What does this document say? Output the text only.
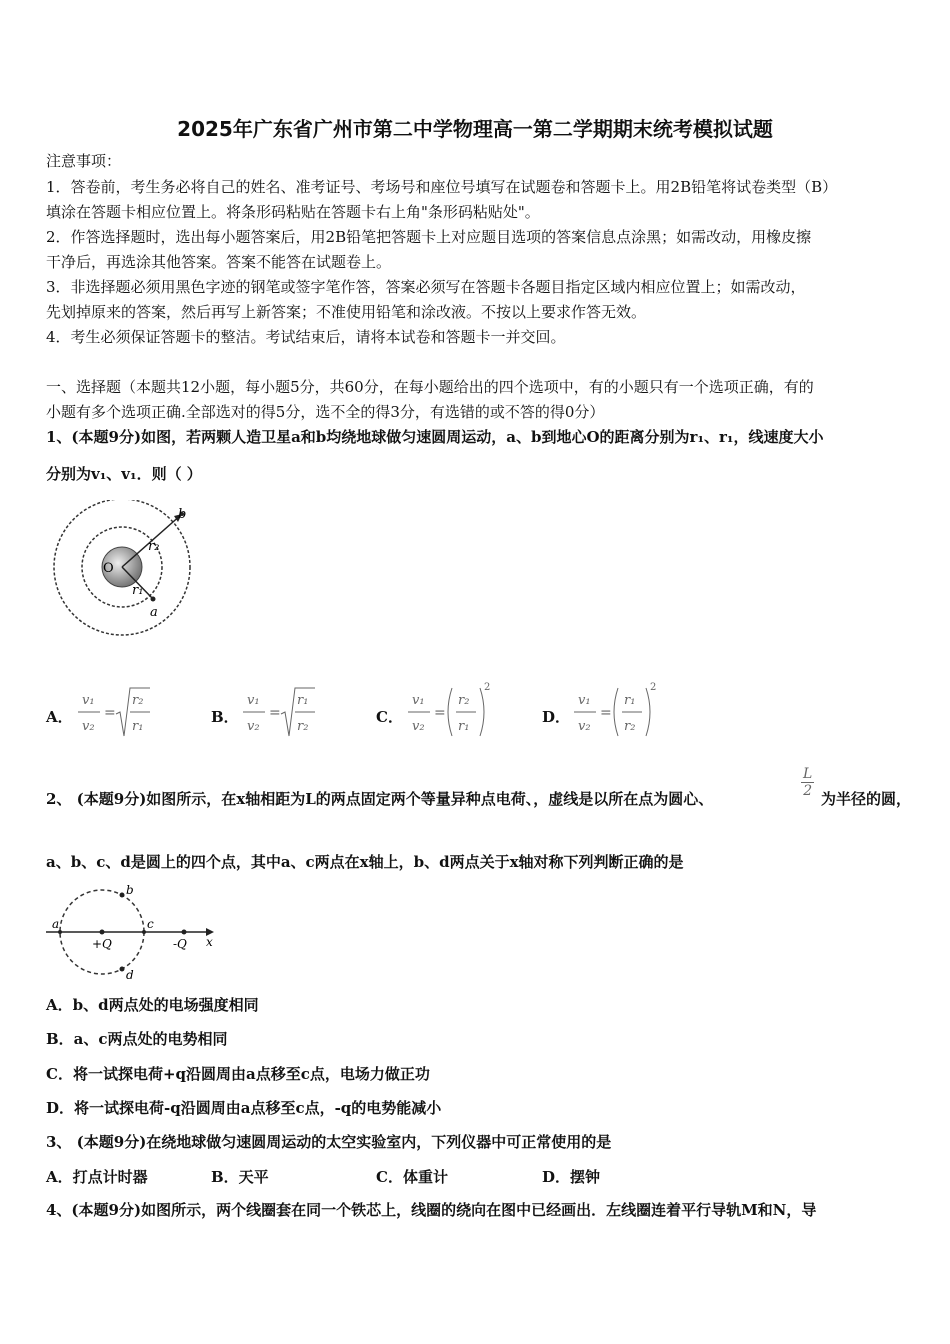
2025年广东省广州市第二中学物理高一第二学期期末统考模拟试题
注意事项：
1．答卷前，考生务必将自己的姓名、准考证号、考场号和座位号填写在试题卷和答题卡上。用2B铅笔将试卷类型（B）
填涂在答题卡相应位置上。将条形码粘贴在答题卡右上角"条形码粘贴处"。
2．作答选择题时，选出每小题答案后，用2B铅笔把答题卡上对应题目选项的答案信息点涂黑；如需改动，用橡皮擦
干净后，再选涂其他答案。答案不能答在试题卷上。
3．非选择题必须用黑色字迹的钢笔或签字笔作答，答案必须写在答题卡各题目指定区域内相应位置上；如需改动，
先划掉原来的答案，然后再写上新答案；不准使用铅笔和涂改液。不按以上要求作答无效。
4．考生必须保证答题卡的整洁。考试结束后，请将本试卷和答题卡一并交回。
一、选择题（本题共12小题，每小题5分，共60分，在每小题给出的四个选项中，有的小题只有一个选项正确，有的
小题有多个选项正确.全部选对的得5分，选不全的得3分，有选错的或不答的得0分）
1、(本题9分)如图，若两颗人造卫星a和b均绕地球做匀速圆周运动，a、b到地心O的距离分别为r₁、r₁，线速度大小
分别为v₁、v₁．则（ ）
b
r₂
O
r₁
a
A．
v₁
v₂
=
r₂
r₁
B．
v₁
v₂
=
r₁
r₂
C．
v₁
v₂
=
r₂
r₁
2
D．
v₁
v₂
=
r₁
r₂
2
2、 (本题9分)如图所示，在x轴相距为L的两点固定两个等量异种点电荷、，虚线是以所在点为圆心、	$\frac{L}{2}$ 为半径的圆，
a、b、c、d是圆上的四个点，其中a、c两点在x轴上，b、d两点关于x轴对称下列判断正确的是
a
b
c
d
+Q	-Q x
A．b、d两点处的电场强度相同
B．a、c两点处的电势相同
C．将一试探电荷+q沿圆周由a点移至c点，电场力做正功
D．将一试探电荷-q沿圆周由a点移至c点，-q的电势能减小
3、 (本题9分)在绕地球做匀速圆周运动的太空实验室内，下列仪器中可正常使用的是
A．打点计时器	B．天平	C．体重计	D．摆钟
4、(本题9分)如图所示，两个线圈套在同一个铁芯上，线圈的绕向在图中已经画出．左线圈连着平行导轨M和N，导
